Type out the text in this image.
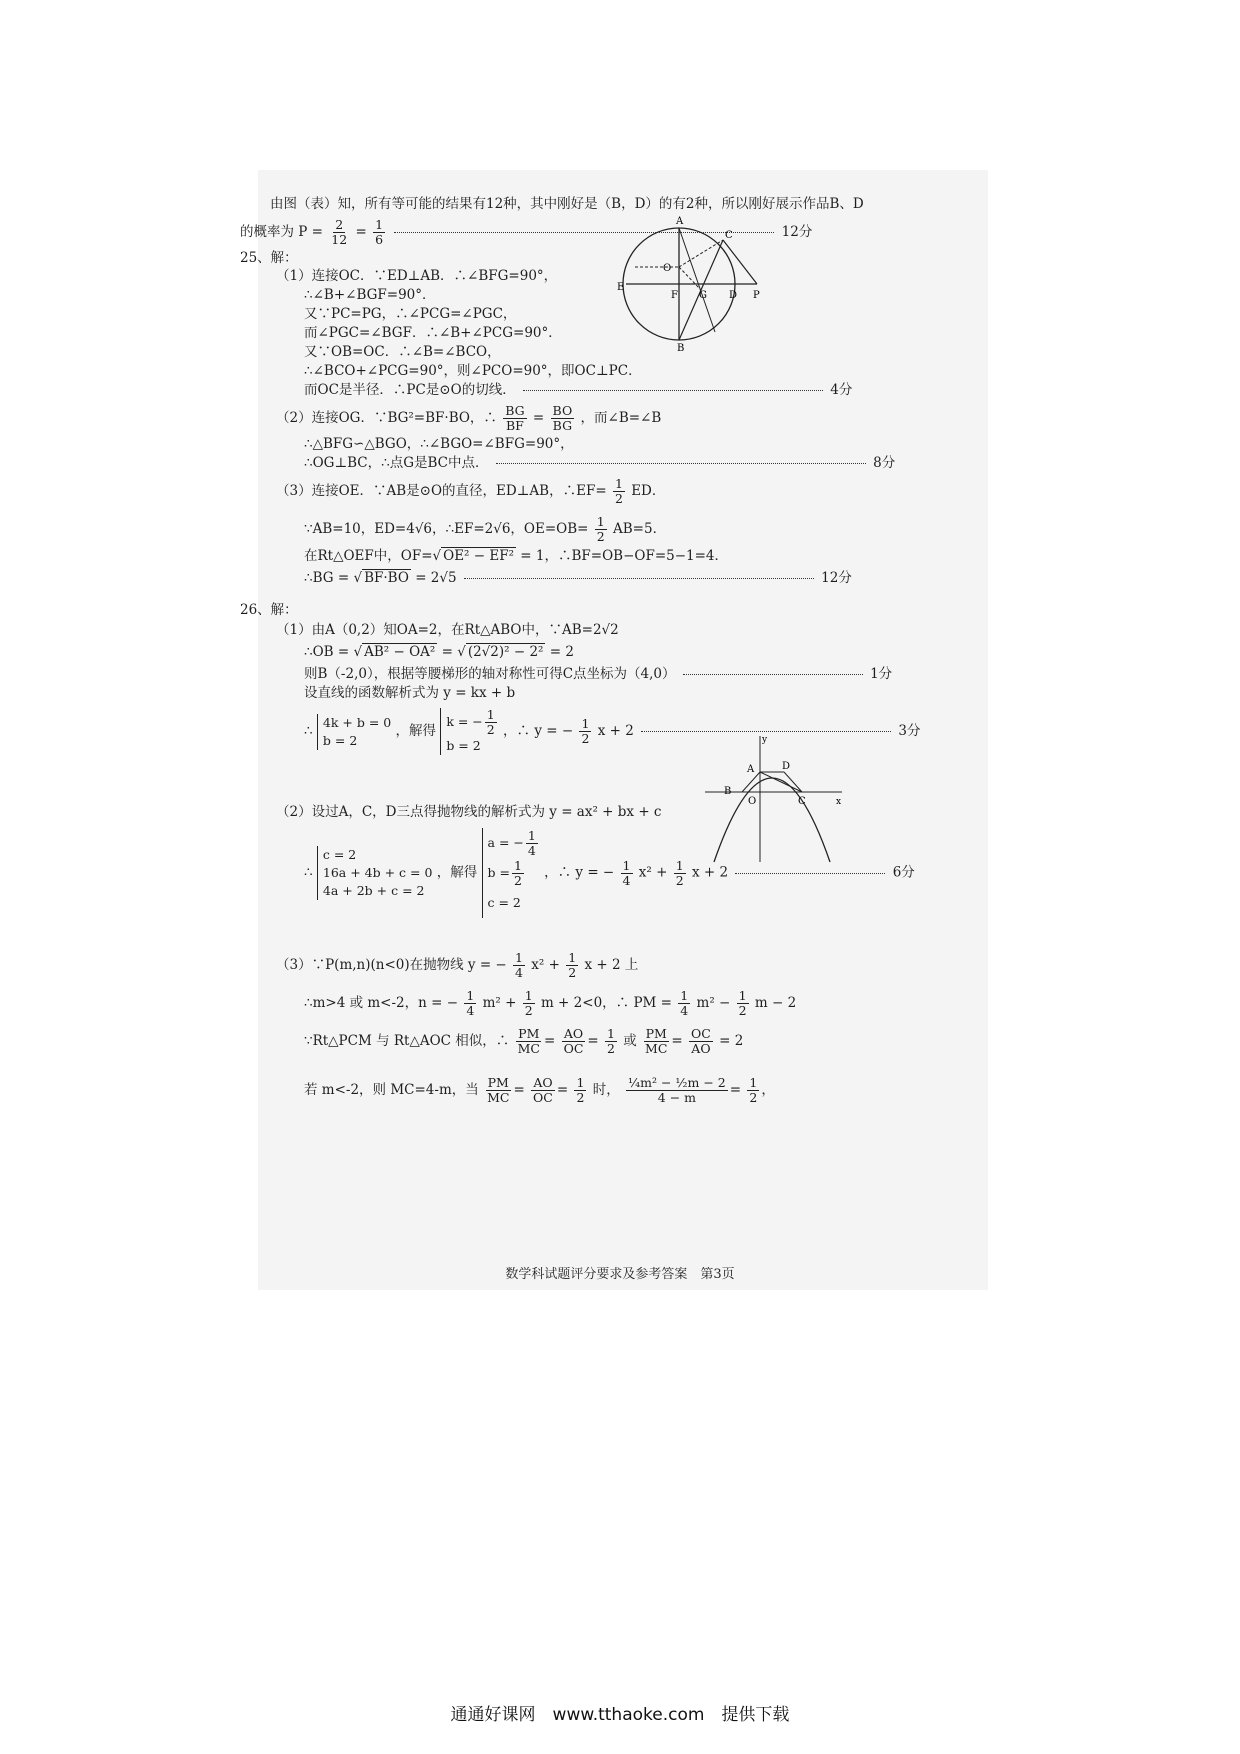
由图（表）知，所有等可能的结果有12种，其中刚好是（B，D）的有2种，所以刚好展示作品B、D
的概率为 $P = \frac{2}{12} = \frac{1}{6}$	12分
25、解：
（1）连接OC．∵ED⊥AB．∴∠BFG=90°，
∴∠B+∠BGF=90°．
又∵PC=PG，∴∠PCG=∠PGC，
而∠PGC=∠BGF．∴∠B+∠PCG=90°．
又∵OB=OC．∴∠B=∠BCO，
∴∠BCO+∠PCG=90°，则∠PCO=90°，即OC⊥PC．
而OC是半径．∴PC是⊙O的切线．	4分
A
C
O
E
F G D P
B
（2）连接OG．∵BG²=BF·BO，∴ $\frac{BG}{BF} = \frac{BO}{BG}$ ，而∠B=∠B
∴△BFG∽△BGO，∴∠BGO=∠BFG=90°，
∴OG⊥BC，∴点G是BC中点．	8分
（3）连接OE．∵AB是⊙O的直径，ED⊥AB，∴EF= $\frac{1}{2}$ ED．
∵AB=10，ED=4√6，∴EF=2√6，$OE=OB= \frac{1}{2} AB=5$．
在Rt△OEF中，OF=√ OE² − EF² = 1，∴BF=OB−OF=5−1=4．
∴BG = √ BF·BO = 2√5	12分
26、解：
（1）由A（0,2）知OA=2，在Rt△ABO中，∵AB=2√2
∴OB = √ AB² − OA² = √ (2√2)² − 2² = 2
则B（-2,0），根据等腰梯形的轴对称性可得C点坐标为（4,0）	1分
设直线的函数解析式为 y = kx + b
∴
4k + b = 0
b = 2
，解得
k = − $\frac{1}{2}$
b = 2
，∴ y = − $\frac{1}{2}$ x + 2	3分
y
x
A	D
B
O	C
（2）设过A，C，D三点得抛物线的解析式为 y = ax² + bx + c
∴
c = 2
16a + 4b + c = 0
4a + 2b + c = 2
，解得
a = − $\frac{1}{4}$
$b = \frac{1}{2}$
c = 2
，∴ y = − $\frac{1}{4} x^2 + \frac{1}{2}$ x + 2	6分
（3）∵P(m,n)(n<0)在抛物线 y = − $\frac{1}{4} x^2 + \frac{1}{2}$ x + 2 上
∴m>4 或 m<-2，n = − $\frac{1}{4} m^2 + \frac{1}{2}$ m + 2<0，∴ PM = $\frac{1}{4} m^2 - \frac{1}{2}$ m − 2
∵Rt△PCM 与 Rt△AOC 相似，∴ $\frac{PM}{MC} = \frac{AO}{OC} = \frac{1}{2}$ 或 $\frac{PM}{MC} = \frac{OC}{AO} = 2$
若 m<-2，则 MC=4-m，当 $\frac{PM}{MC} = \frac{AO}{OC} = \frac{1}{2}$ 时， $\frac{\text{¼m² − ½m − 2}}{4 - m} = \frac{1}{2}$ ，
数学科试题评分要求及参考答案　第3页
通通好课网　www.tthaoke.com　提供下载
